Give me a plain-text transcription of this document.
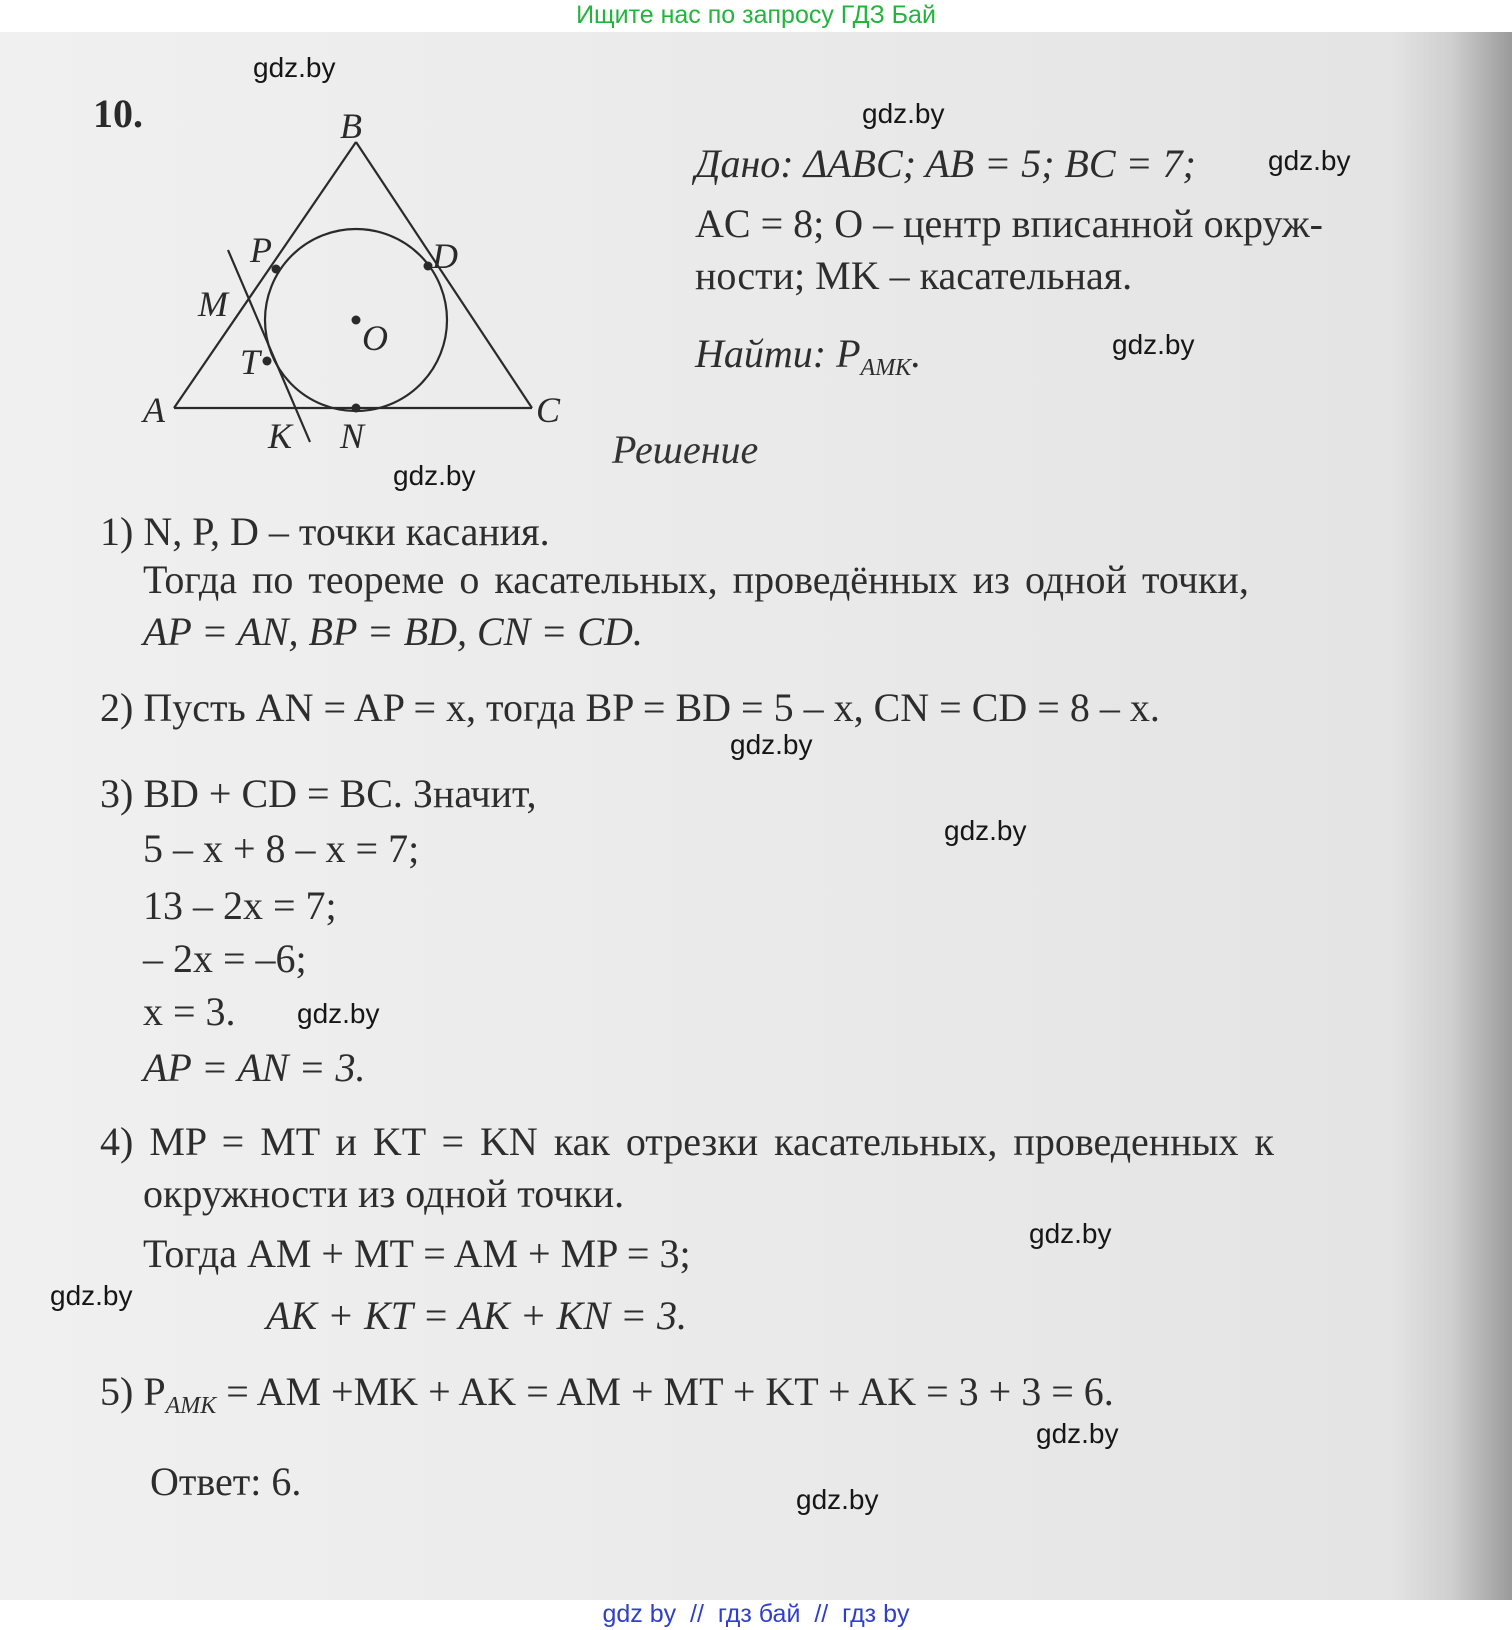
Ищите нас по запросу ГДЗ Бай
gdz.by
gdz.by
gdz.by
gdz.by
gdz.by
gdz.by
gdz.by
gdz.by
gdz.by
gdz.by
gdz.by
gdz.by
10.	B
P	D
M
O
T
A
K N
C
Дано: ΔABC; AB = 5; BC = 7;
AC = 8; O – центр вписанной окруж-
ности; MK – касательная.
Найти: $P_{AMK}$.
Решение
1) N, P, D – точки касания.
Тогда по теореме о касательных, проведённых из одной точки,
AP = AN, BP = BD, CN = CD.
2) Пусть AN = AP = x, тогда BP = BD = 5 – x, CN = CD = 8 – x.
3) BD + CD = BC. Значит,
5 – x + 8 – x = 7;
13 – 2x = 7;
– 2x = –6;
x = 3.
AP = AN = 3.
4) MP = MT и KT = KN как отрезки касательных, проведенных к
окружности из одной точки.
Тогда AM + MT = AM + MP = 3;
AK + KT = AK + KN = 3.
5) $P_{AMK}$ = AM +MK + AK = AM + MT + KT + AK = 3 + 3 = 6.
Ответ: 6.
gdz by  //  гдз бай  //  гдз by
